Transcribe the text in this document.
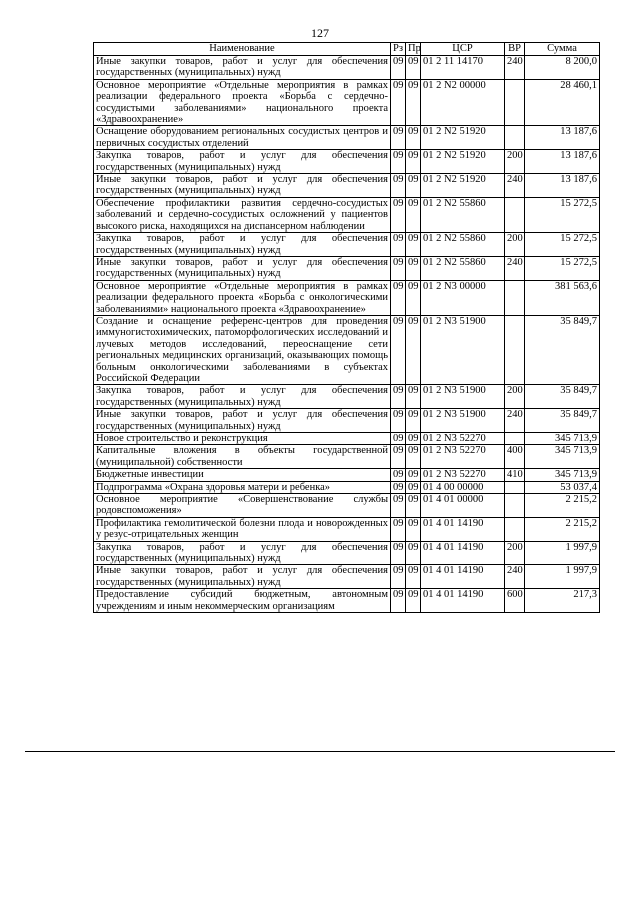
127
Наименование	Рз	Пр	ЦСР	ВР	Сумма
Иные закупки товаров, работ и услуг для обеспечения государственных (муниципальных) нужд	09	09	01 2 11 14170	240	8 200,0
Основное мероприятие «Отдельные мероприятия в рамках реализации федерального проекта «Борьба с сердечно-сосудистыми заболеваниями» национального проекта «Здравоохранение»	09	09	01 2 N2 00000		28 460,1
Оснащение оборудованием региональных сосудистых центров и первичных сосудистых отделений	09	09	01 2 N2 51920		13 187,6
Закупка товаров, работ и услуг для обеспечения государственных (муниципальных) нужд	09	09	01 2 N2 51920	200	13 187,6
Иные закупки товаров, работ и услуг для обеспечения государственных (муниципальных) нужд	09	09	01 2 N2 51920	240	13 187,6
Обеспечение профилактики развития сердечно-сосудистых заболеваний и сердечно-сосудистых осложнений у пациентов высокого риска, находящихся на диспансерном наблюдении	09	09	01 2 N2 55860		15 272,5
Закупка товаров, работ и услуг для обеспечения государственных (муниципальных) нужд	09	09	01 2 N2 55860	200	15 272,5
Иные закупки товаров, работ и услуг для обеспечения государственных (муниципальных) нужд	09	09	01 2 N2 55860	240	15 272,5
Основное мероприятие «Отдельные мероприятия в рамках реализации федерального проекта «Борьба с онкологическими заболеваниями» национального проекта «Здравоохранение»	09	09	01 2 N3 00000		381 563,6
Создание и оснащение референс-центров для проведения иммуногистохимических, патоморфологических исследований и лучевых методов исследований, переоснащение сети региональных медицинских организаций, оказывающих помощь больным онкологическими заболеваниями в субъектах Российской Федерации	09	09	01 2 N3 51900		35 849,7
Закупка товаров, работ и услуг для обеспечения государственных (муниципальных) нужд	09	09	01 2 N3 51900	200	35 849,7
Иные закупки товаров, работ и услуг для обеспечения государственных (муниципальных) нужд	09	09	01 2 N3 51900	240	35 849,7
Новое строительство и реконструкция	09	09	01 2 N3 52270		345 713,9
Капитальные вложения в объекты государственной (муниципальной) собственности	09	09	01 2 N3 52270	400	345 713,9
Бюджетные инвестиции	09	09	01 2 N3 52270	410	345 713,9
Подпрограмма «Охрана здоровья матери и ребенка»	09	09	01 4 00 00000		53 037,4
Основное мероприятие «Совершенствование службы родовспоможения»	09	09	01 4 01 00000		2 215,2
Профилактика гемолитической болезни плода и новорожденных у резус-отрицательных женщин	09	09	01 4 01 14190		2 215,2
Закупка товаров, работ и услуг для обеспечения государственных (муниципальных) нужд	09	09	01 4 01 14190	200	1 997,9
Иные закупки товаров, работ и услуг для обеспечения государственных (муниципальных) нужд	09	09	01 4 01 14190	240	1 997,9
Предоставление субсидий бюджетным, автономным учреждениям и иным некоммерческим организациям	09	09	01 4 01 14190	600	217,3
